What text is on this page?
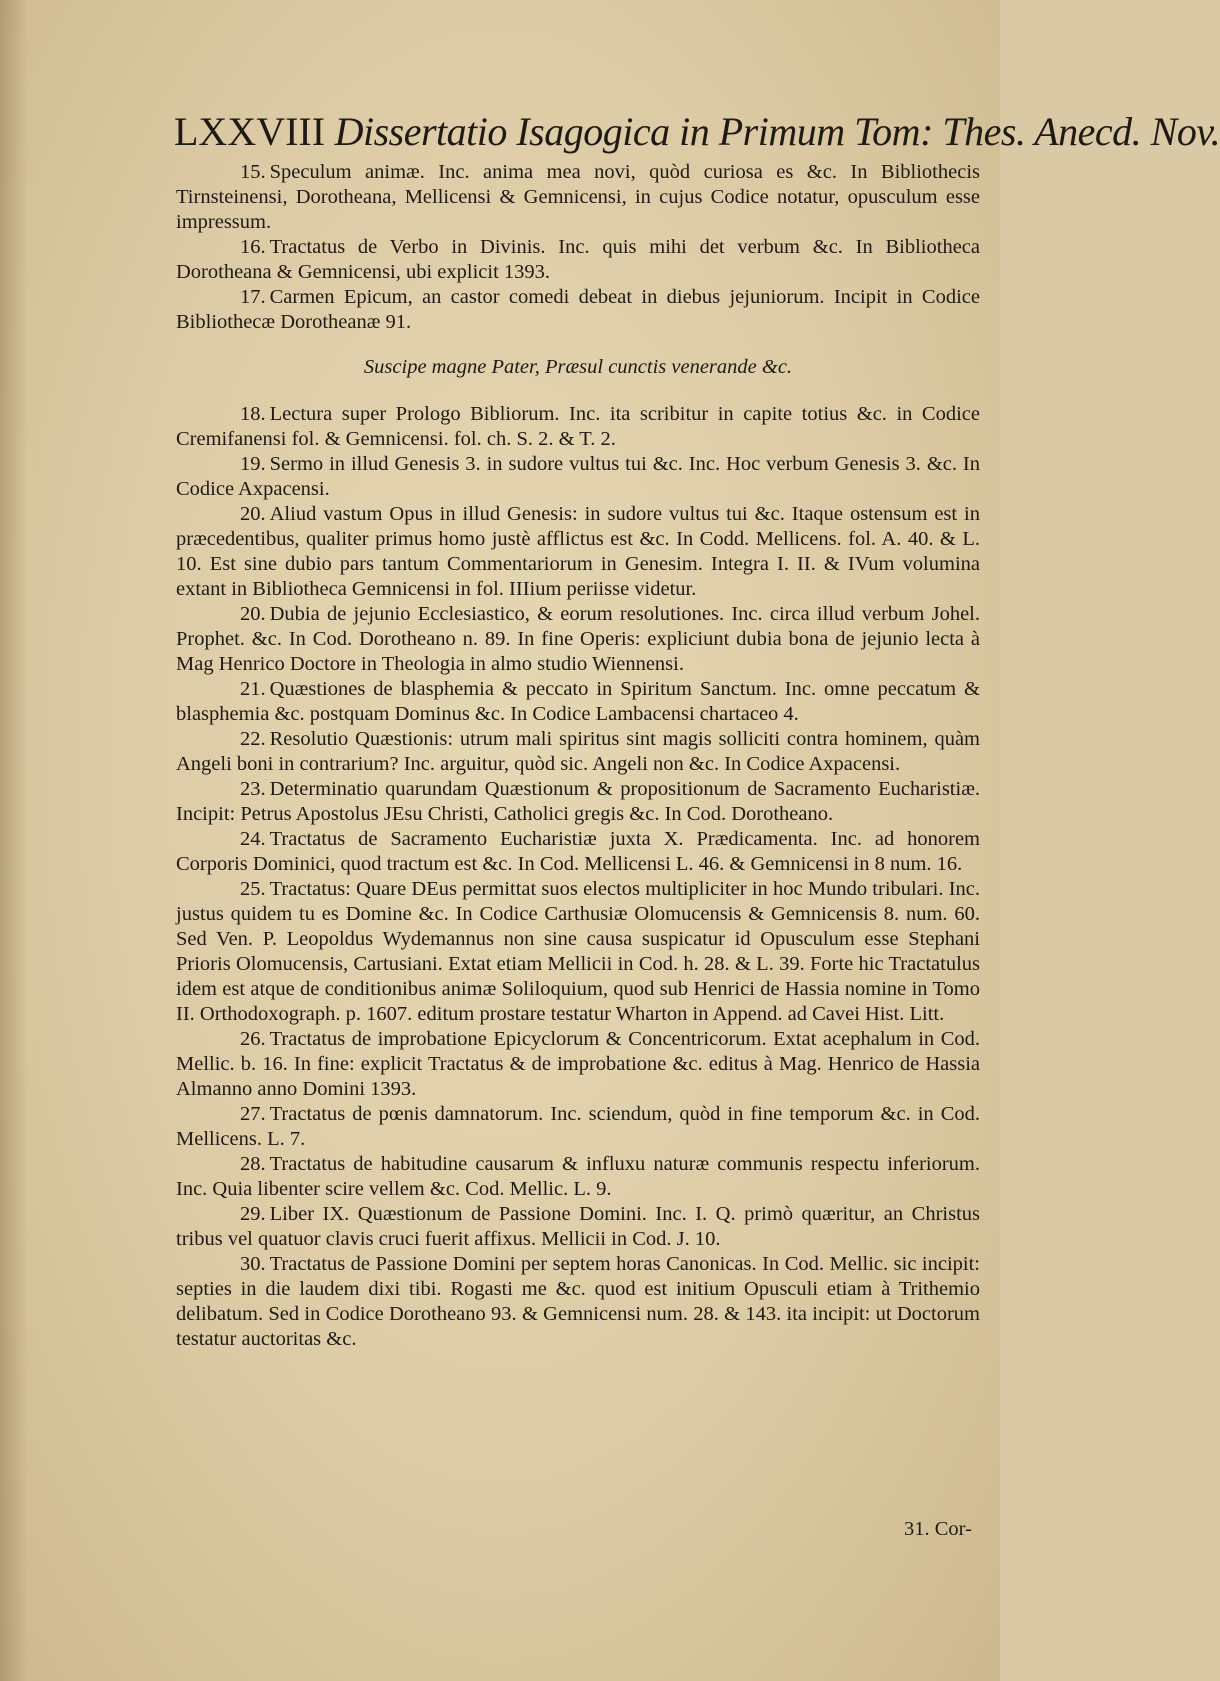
LXXVIII Dissertatio Isagogica in Primum Tom: Thes. Anecd. Nov.

15. Speculum animæ. Inc. anima mea novi, quòd curiosa es &c. In Bibliothecis Tirnsteinensi, Dorotheana, Mellicensi & Gemnicensi, in cujus Codice notatur, opusculum esse impressum.

16. Tractatus de Verbo in Divinis. Inc. quis mihi det verbum &c. In Bibliotheca Dorotheana & Gemnicensi, ubi explicit 1393.

17. Carmen Epicum, an castor comedi debeat in diebus jejuniorum. Incipit in Codice Bibliothecæ Dorotheanæ 91.

Suscipe magne Pater, Præsul cunctis venerande &c.

18. Lectura super Prologo Bibliorum. Inc. ita scribitur in capite totius &c. in Codice Cremifanensi fol. & Gemnicensi. fol. ch. S. 2. & T. 2.

19. Sermo in illud Genesis 3. in sudore vultus tui &c. Inc. Hoc verbum Genesis 3. &c. In Codice Axpacensi.

20. Aliud vastum Opus in illud Genesis: in sudore vultus tui &c. Itaque ostensum est in præcedentibus, qualiter primus homo justè afflictus est &c. In Codd. Mellicens. fol. A. 40. & L. 10. Est sine dubio pars tantum Commentariorum in Genesim. Integra I. II. & IVum volumina extant in Bibliotheca Gemnicensi in fol. IIIium periisse videtur.

20. Dubia de jejunio Ecclesiastico, & eorum resolutiones. Inc. circa illud verbum Johel. Prophet. &c. In Cod. Dorotheano n. 89. In fine Operis: expliciunt dubia bona de jejunio lecta à Mag Henrico Doctore in Theologia in almo studio Wiennensi.

21. Quæstiones de blasphemia & peccato in Spiritum Sanctum. Inc. omne peccatum & blasphemia &c. postquam Dominus &c. In Codice Lambacensi chartaceo 4.

22. Resolutio Quæstionis: utrum mali spiritus sint magis solliciti contra hominem, quàm Angeli boni in contrarium? Inc. arguitur, quòd sic. Angeli non &c. In Codice Axpacensi.

23. Determinatio quarundam Quæstionum & propositionum de Sacramento Eucharistiæ. Incipit: Petrus Apostolus JEsu Christi, Catholici gregis &c. In Cod. Dorotheano.

24. Tractatus de Sacramento Eucharistiæ juxta X. Prædicamenta. Inc. ad honorem Corporis Dominici, quod tractum est &c. In Cod. Mellicensi L. 46. & Gemnicensi in 8 num. 16.

25. Tractatus: Quare DEus permittat suos electos multipliciter in hoc Mundo tribulari. Inc. justus quidem tu es Domine &c. In Codice Carthusiæ Olomucensis & Gemnicensis 8. num. 60. Sed Ven. P. Leopoldus Wydemannus non sine causa suspicatur id Opusculum esse Stephani Prioris Olomucensis, Cartusiani. Extat etiam Mellicii in Cod. h. 28. & L. 39. Forte hic Tractatulus idem est atque de conditionibus animæ Soliloquium, quod sub Henrici de Hassia nomine in Tomo II. Orthodoxograph. p. 1607. editum prostare testatur Wharton in Append. ad Cavei Hist. Litt.

26. Tractatus de improbatione Epicyclorum & Concentricorum. Extat acephalum in Cod. Mellic. b. 16. In fine: explicit Tractatus & de improbatione &c. editus à Mag. Henrico de Hassia Almanno anno Domini 1393.

27. Tractatus de pœnis damnatorum. Inc. sciendum, quòd in fine temporum &c. in Cod. Mellicens. L. 7.

28. Tractatus de habitudine causarum & influxu naturæ communis respectu inferiorum. Inc. Quia libenter scire vellem &c. Cod. Mellic. L. 9.

29. Liber IX. Quæstionum de Passione Domini. Inc. I. Q. primò quæritur, an Christus tribus vel quatuor clavis cruci fuerit affixus. Mellicii in Cod. J. 10.

30. Tractatus de Passione Domini per septem horas Canonicas. In Cod. Mellic. sic incipit: septies in die laudem dixi tibi. Rogasti me &c. quod est initium Opusculi etiam à Trithemio delibatum. Sed in Codice Dorotheano 93. & Gemnicensi num. 28. & 143. ita incipit: ut Doctorum testatur auctoritas &c.

31. Cor-
